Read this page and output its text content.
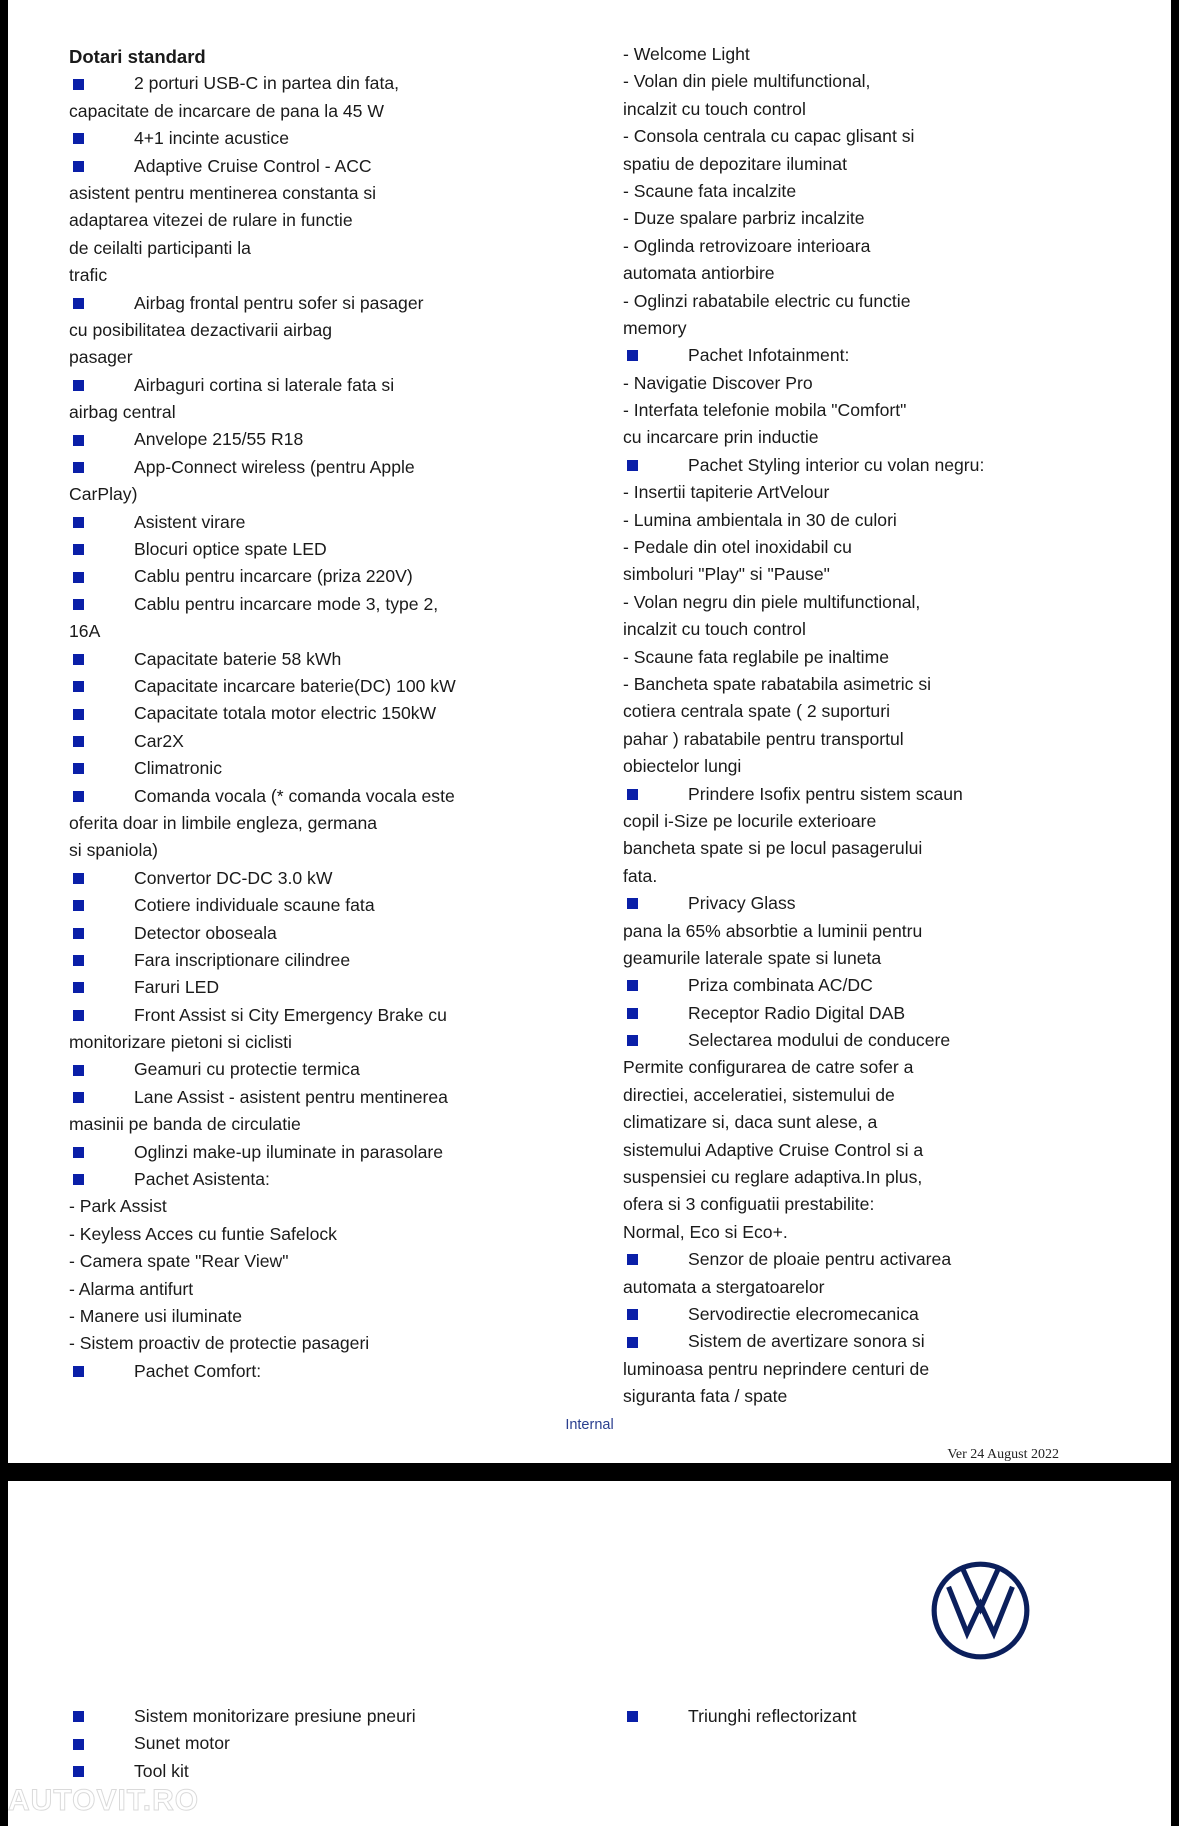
Dotari standard
2 porturi USB-C in partea din fata,
capacitate de incarcare de pana la 45 W
4+1 incinte acustice
Adaptive Cruise Control - ACC
asistent pentru mentinerea constanta si
adaptarea vitezei de rulare in functie
de ceilalti participanti la
trafic
Airbag frontal pentru sofer si pasager
cu posibilitatea dezactivarii airbag
pasager
Airbaguri cortina si laterale fata si
airbag central
Anvelope 215/55 R18
App-Connect wireless (pentru Apple
CarPlay)
Asistent virare
Blocuri optice spate LED
Cablu pentru incarcare (priza 220V)
Cablu pentru incarcare mode 3, type 2,
16A
Capacitate baterie 58 kWh
Capacitate incarcare baterie(DC) 100 kW
Capacitate totala motor electric 150kW
Car2X
Climatronic
Comanda vocala (* comanda vocala este
oferita doar in limbile engleza, germana
si spaniola)
Convertor DC-DC 3.0 kW
Cotiere individuale scaune fata
Detector oboseala
Fara inscriptionare cilindree
Faruri LED
Front Assist si City Emergency Brake cu
monitorizare pietoni si ciclisti
Geamuri cu protectie termica
Lane Assist - asistent pentru mentinerea
masinii pe banda de circulatie
Oglinzi make-up iluminate in parasolare
Pachet Asistenta:
- Park Assist
- Keyless Acces cu funtie Safelock
- Camera spate "Rear View"
- Alarma antifurt
- Manere usi iluminate
- Sistem proactiv de protectie pasageri
Pachet Comfort:
- Welcome Light
- Volan din piele multifunctional,
incalzit cu touch control
- Consola centrala cu capac glisant si
spatiu de depozitare iluminat
- Scaune fata incalzite
- Duze spalare parbriz incalzite
- Oglinda retrovizoare interioara
automata antiorbire
- Oglinzi rabatabile electric cu functie
memory
Pachet Infotainment:
- Navigatie Discover Pro
- Interfata telefonie mobila "Comfort"
cu incarcare prin inductie
Pachet Styling interior cu volan negru:
- Insertii tapiterie ArtVelour
- Lumina ambientala in 30 de culori
- Pedale din otel inoxidabil cu
simboluri "Play" si "Pause"
- Volan negru din piele multifunctional,
incalzit cu touch control
- Scaune fata reglabile pe inaltime
- Bancheta spate rabatabila asimetric si
cotiera centrala spate ( 2 suporturi
pahar ) rabatabile pentru transportul
obiectelor lungi
Prindere Isofix pentru sistem scaun
copil i-Size pe locurile exterioare
bancheta spate si pe locul pasagerului
fata.
Privacy Glass
pana la 65% absorbtie a luminii pentru
geamurile laterale spate si luneta
Priza combinata AC/DC
Receptor Radio Digital DAB
Selectarea modului de conducere
Permite configurarea de catre sofer a
directiei, acceleratiei, sistemului de
climatizare si, daca sunt alese, a
sistemului Adaptive Cruise Control si a
suspensiei cu reglare adaptiva.In plus,
ofera si 3 configuatii prestabilite:
Normal, Eco si Eco+.
Senzor de ploaie pentru activarea
automata a stergatoarelor
Servodirectie elecromecanica
Sistem de avertizare sonora si
luminoasa pentru neprindere centuri de
siguranta fata / spate
Internal
Ver 24 August 2022
Sistem monitorizare presiune pneuri
Sunet motor
Tool kit
Triunghi reflectorizant
AUTOVIT.RO
